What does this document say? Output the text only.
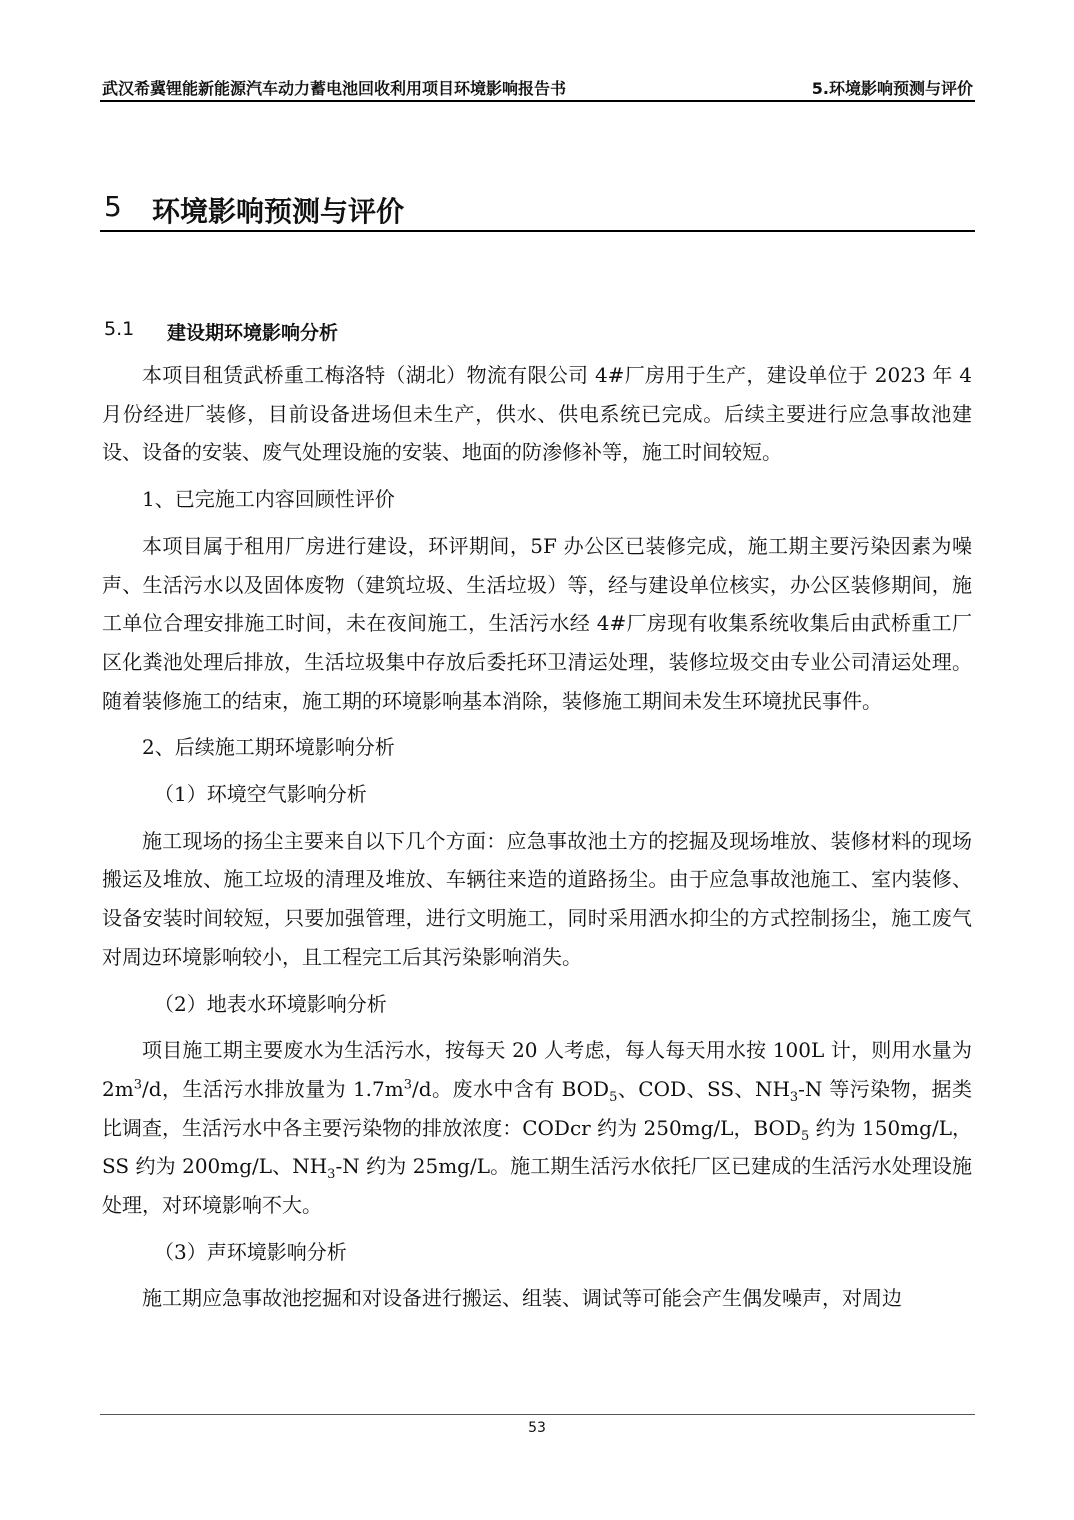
武汉希冀锂能新能源汽车动力蓄电池回收利用项目环境影响报告书	5.环境影响预测与评价
5 环境影响预测与评价
5.1 建设期环境影响分析

本项目租赁武桥重工梅洛特（湖北）物流有限公司 4#厂房用于生产，建设单位于 2023 年 4 月份经进厂装修，目前设备进场但未生产，供水、供电系统已完成。后续主要进行应急事故池建设、设备的安装、废气处理设施的安装、地面的防渗修补等，施工时间较短。

1、已完施工内容回顾性评价

本项目属于租用厂房进行建设，环评期间，5F 办公区已装修完成，施工期主要污染因素为噪声、生活污水以及固体废物（建筑垃圾、生活垃圾）等，经与建设单位核实，办公区装修期间，施工单位合理安排施工时间，未在夜间施工，生活污水经 4#厂房现有收集系统收集后由武桥重工厂区化粪池处理后排放，生活垃圾集中存放后委托环卫清运处理，装修垃圾交由专业公司清运处理。随着装修施工的结束，施工期的环境影响基本消除，装修施工期间未发生环境扰民事件。

2、后续施工期环境影响分析

（1）环境空气影响分析

施工现场的扬尘主要来自以下几个方面：应急事故池土方的挖掘及现场堆放、装修材料的现场搬运及堆放、施工垃圾的清理及堆放、车辆往来造的道路扬尘。由于应急事故池施工、室内装修、设备安装时间较短，只要加强管理，进行文明施工，同时采用洒水抑尘的方式控制扬尘，施工废气对周边环境影响较小，且工程完工后其污染影响消失。

（2）地表水环境影响分析

项目施工期主要废水为生活污水，按每天 20 人考虑，每人每天用水按 100L 计，则用水量为 $2m^3/d$，生活污水排放量为 $1.7m^3/d$。废水中含有 $BOD_5$、COD、SS、$NH_3-N$ 等污染物，据类比调查，生活污水中各主要污染物的排放浓度：CODcr 约为 250mg/L，$BOD_5$ 约为 150mg/L，SS 约为 200mg/L、$NH_3-N$ 约为 25mg/L。施工期生活污水依托厂区已建成的生活污水处理设施处理，对环境影响不大。

（3）声环境影响分析

施工期应急事故池挖掘和对设备进行搬运、组装、调试等可能会产生偶发噪声，对周边

53
